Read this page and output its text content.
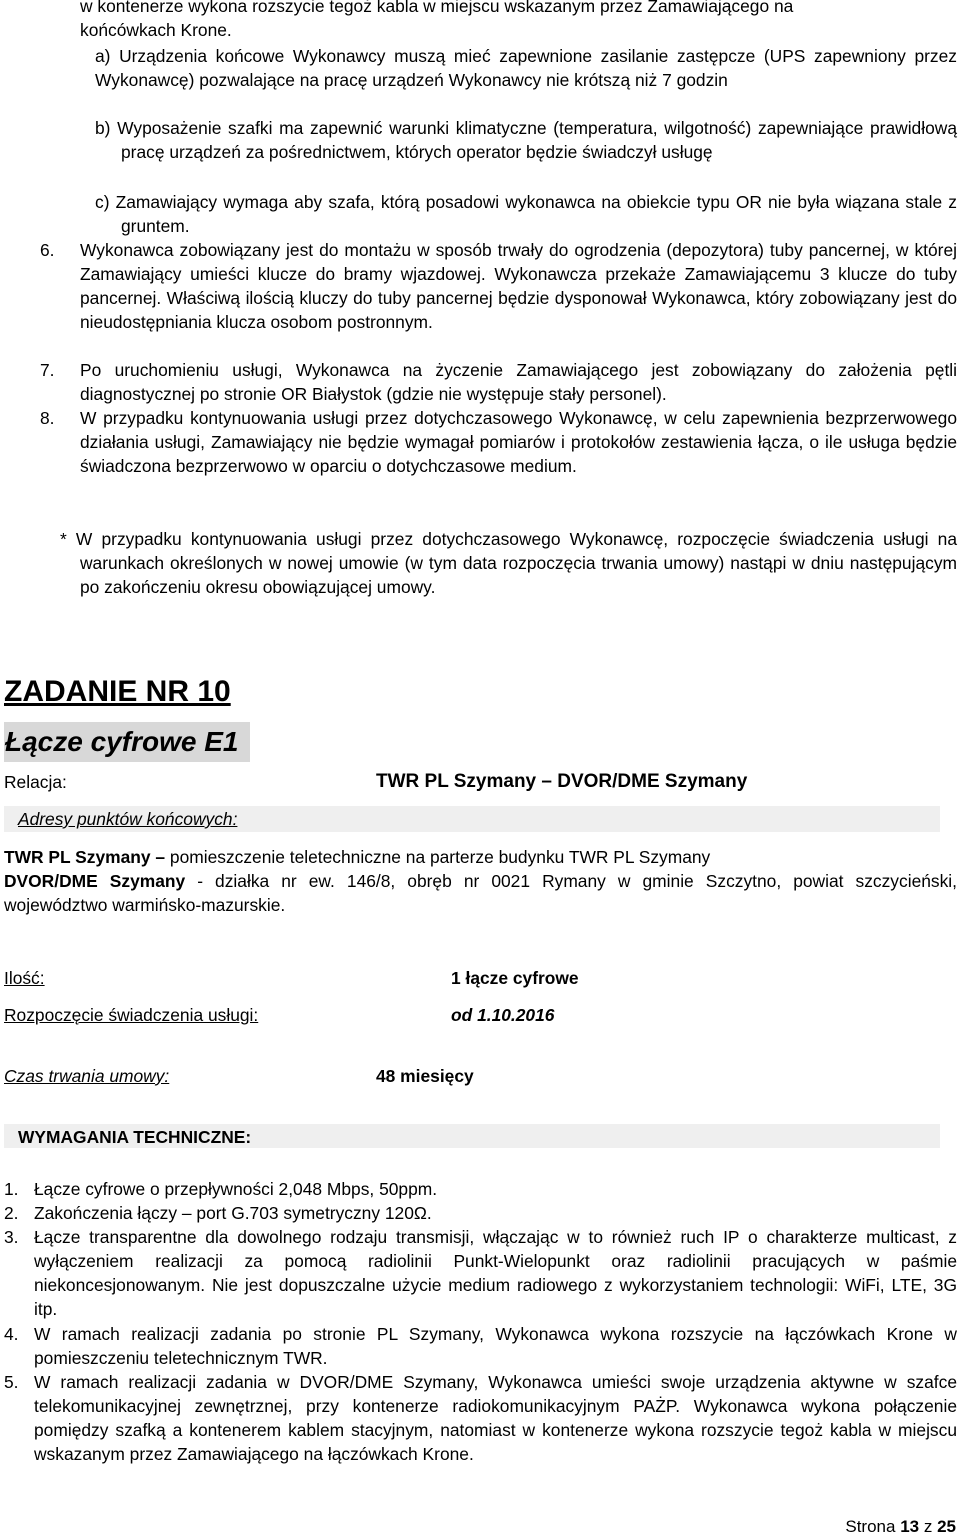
w kontenerze wykona rozszycie tegoż kabla w miejscu wskazanym przez Zamawiającego na
końcówkach Krone.
a) Urządzenia końcowe Wykonawcy muszą mieć zapewnione zasilanie zastępcze (UPS zapewniony przez Wykonawcę) pozwalające na pracę urządzeń Wykonawcy nie krótszą niż 7 godzin
b) Wyposażenie szafki ma zapewnić warunki klimatyczne (temperatura, wilgotność) zapewniające prawidłową pracę urządzeń za pośrednictwem, których operator będzie świadczył usługę
c) Zamawiający wymaga aby szafa, którą posadowi wykonawca na obiekcie typu OR nie była wiązana stale z gruntem.
6. Wykonawca zobowiązany jest do montażu w sposób trwały do ogrodzenia (depozytora) tuby pancernej, w której Zamawiający umieści klucze do bramy wjazdowej. Wykonawcza przekaże Zamawiającemu 3 klucze do tuby pancernej. Właściwą ilością kluczy do tuby pancernej będzie dysponował Wykonawca, który zobowiązany jest do nieudostępniania klucza osobom postronnym.
7. Po uruchomieniu usługi, Wykonawca na życzenie Zamawiającego jest zobowiązany do założenia pętli diagnostycznej po stronie OR Białystok (gdzie nie występuje stały personel).
8. W przypadku kontynuowania usługi przez dotychczasowego Wykonawcę, w celu zapewnienia bezprzerwowego działania usługi, Zamawiający nie będzie wymagał pomiarów i protokołów zestawienia łącza, o ile usługa będzie świadczona bezprzerwowo w oparciu o dotychczasowe medium.
* W przypadku kontynuowania usługi przez dotychczasowego Wykonawcę, rozpoczęcie świadczenia usługi na warunkach określonych w nowej umowie (w tym data rozpoczęcia trwania umowy) nastąpi w dniu następującym po zakończeniu okresu obowiązującej umowy.
ZADANIE NR 10
Łącze cyfrowe E1
Relacja:	TWR PL Szymany – DVOR/DME Szymany
Adresy punktów końcowych:
TWR PL Szymany – pomieszczenie teletechniczne na parterze budynku TWR PL Szymany
DVOR/DME Szymany - działka nr ew. 146/8, obręb nr 0021 Rymany w gminie Szczytno, powiat szczycieński, województwo warmińsko-mazurskie.
Ilość:	1 łącze cyfrowe
Rozpoczęcie świadczenia usługi:	od 1.10.2016
Czas trwania umowy:	48 miesięcy
WYMAGANIA TECHNICZNE:
1. Łącze cyfrowe o przepływności 2,048 Mbps, 50ppm.
2. Zakończenia łączy – port G.703 symetryczny 120Ω.
3. Łącze transparentne dla dowolnego rodzaju transmisji, włączając w to również ruch IP o charakterze multicast, z wyłączeniem realizacji za pomocą radiolinii Punkt-Wielopunkt oraz radiolinii pracujących w paśmie niekoncesjonowanym. Nie jest dopuszczalne użycie medium radiowego z wykorzystaniem technologii: WiFi, LTE, 3G itp.
4. W ramach realizacji zadania po stronie PL Szymany, Wykonawca wykona rozszycie na łączówkach Krone w pomieszczeniu teletechnicznym TWR.
5. W ramach realizacji zadania w DVOR/DME Szymany, Wykonawca umieści swoje urządzenia aktywne w szafce telekomunikacyjnej zewnętrznej, przy kontenerze radiokomunikacyjnym PAŻP. Wykonawca wykona połączenie pomiędzy szafką a kontenerem kablem stacyjnym, natomiast w kontenerze wykona rozszycie tegoż kabla w miejscu wskazanym przez Zamawiającego na łączówkach Krone.
Strona 13 z 25
